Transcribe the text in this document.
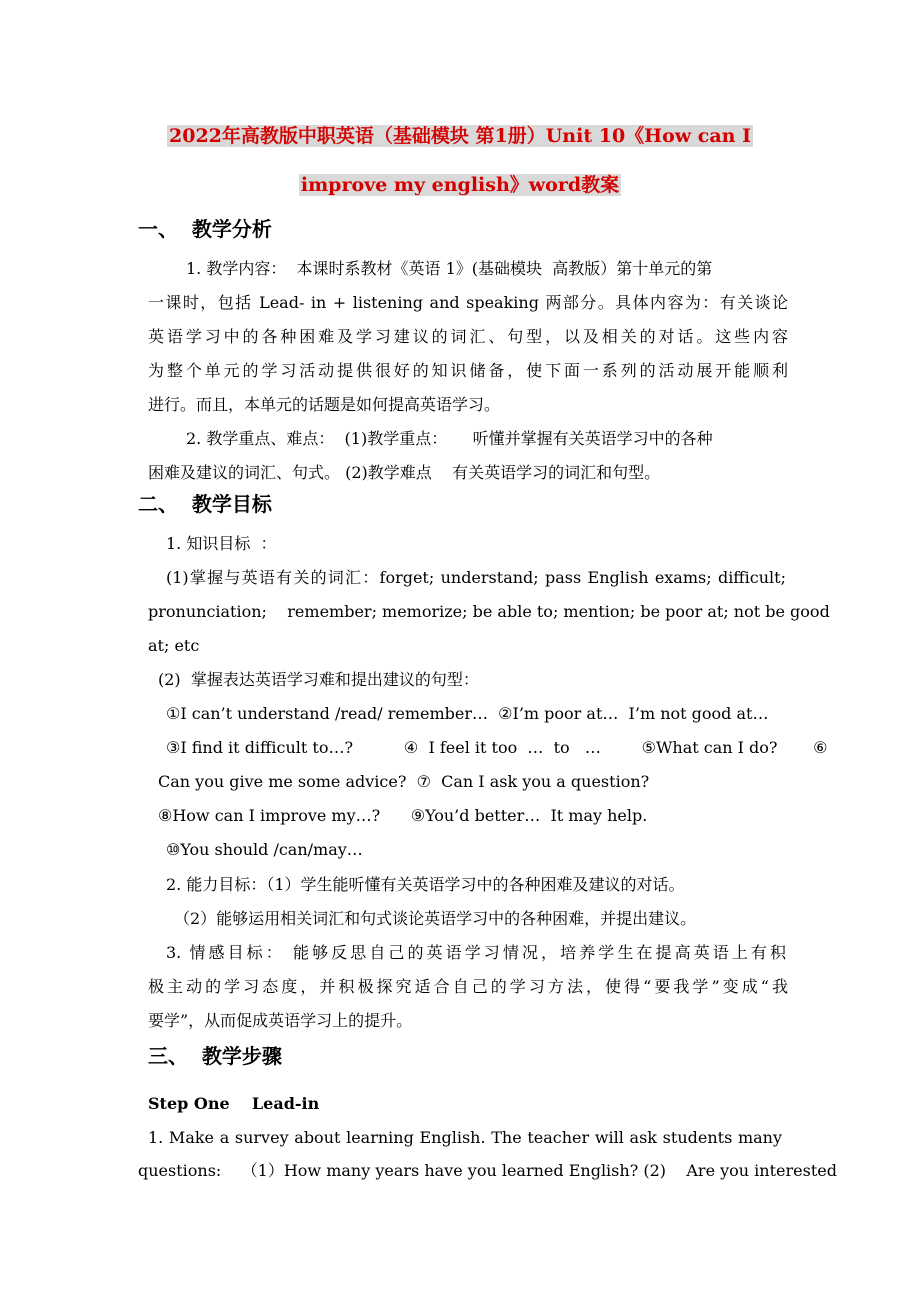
2022年高教版中职英语（基础模块 第1册）Unit 10《How can I
improve my english》word教案
一、  教学分析
1. 教学内容：  本课时系教材《英语 1》(基础模块  高教版）第十单元的第
一课时，包括 Lead- in + listening and speaking 两部分。具体内容为：有关谈论
英语学习中的各种困难及学习建议的词汇、句型，以及相关的对话。这些内容
为整个单元的学习活动提供很好的知识储备，使下面一系列的活动展开能顺利
进行。而且，本单元的话题是如何提高英语学习。
2. 教学重点、难点：  (1)教学重点：     听懂并掌握有关英语学习中的各种
困难及建议的词汇、句式。 (2)教学难点    有关英语学习的词汇和句型。
二、  教学目标
1. 知识目标  ：
(1)掌握与英语有关的词汇：forget; understand; pass English exams; difficult;
pronunciation;    remember; memorize; be able to; mention; be poor at; not be good
at; etc
(2)  掌握表达英语学习难和提出建议的句型：
①I can’t understand /read/ remember…  ②I’m poor at…  I’m not good at…
③I find it difficult to…?          ④  I feel it too  …  to   …        ⑤What can I do?       ⑥
Can you give me some advice?  ⑦  Can I ask you a question?
⑧How can I improve my…?      ⑨You’d better…  It may help.
⑩You should /can/may…
2. 能力目标：（1）学生能听懂有关英语学习中的各种困难及建议的对话。
（2）能够运用相关词汇和句式谈论英语学习中的各种困难，并提出建议。
3. 情感目标： 能够反思自己的英语学习情况，培养学生在提高英语上有积
极主动的学习态度，并积极探究适合自己的学习方法，使得“要我学”变成“我
要学”，从而促成英语学习上的提升。
三、  教学步骤
Step One    Lead-in
1. Make a survey about learning English. The teacher will ask students many
questions:    （1）How many years have you learned English? (2)    Are you interested
